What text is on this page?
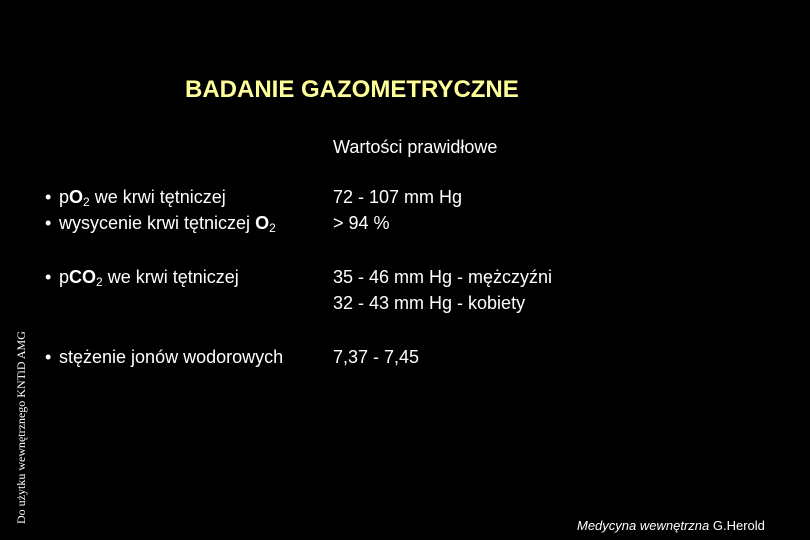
BADANIE GAZOMETRYCZNE
Wartości prawidłowe
Do użytku wewnętrznego KNTiD AMG
• $pO_2$ we krwi tętniczej
• wysycenie krwi tętniczej $O_2$
72 - 107 mm Hg
> 94 %
• pCO$_2$ we krwi tętniczej	35 - 46 mm Hg - mężczyźni
32 - 43 mm Hg - kobiety
• stężenie jonów wodorowych	7,37 - 7,45
Medycyna wewnętrzna G.Herold
